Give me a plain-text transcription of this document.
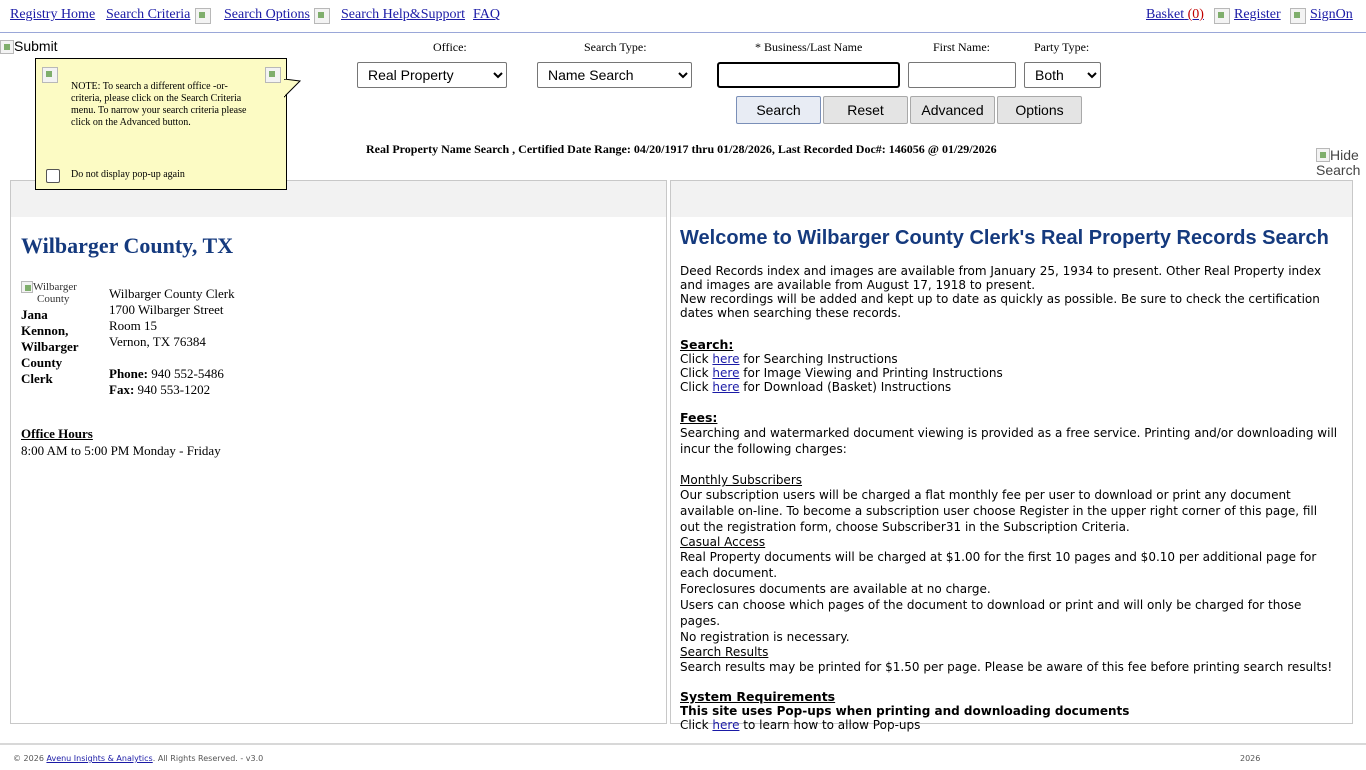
Registry Home Search Criteria Search Options Search Help&Support FAQ	Basket (0) Register SignOn
Submit	Office:
Real Property	Search Type:
Name Search	* Business/Last Name	First Name:	Party Type:
Both
Search	Reset	Advanced	Options
Real Property Name Search , Certified Date Range: 04/20/1917 thru 01/28/2026, Last Recorded Doc#: 146056 @ 01/29/2026	Hide
Search
Wilbarger County, TX
Wilbarger
County
Jana Kennon, Wilbarger County Clerk
Wilbarger County Clerk
1700 Wilbarger Street
Room 15
Vernon, TX 76384
Phone: 940 552-5486
Fax: 940 553-1202
Office Hours
8:00 AM to 5:00 PM Monday - Friday
Welcome to Wilbarger County Clerk's Real Property Records Search
Deed Records index and images are available from January 25, 1934 to present. Other Real Property index and images are available from August 17, 1918 to present.
New recordings will be added and kept up to date as quickly as possible. Be sure to check the certification dates when searching these records.
Search:
Click here for Searching Instructions
Click here for Image Viewing and Printing Instructions
Click here for Download (Basket) Instructions
Fees:
Searching and watermarked document viewing is provided as a free service. Printing and/or downloading will incur the following charges:
Monthly Subscribers
Our subscription users will be charged a flat monthly fee per user to download or print any document available on-line. To become a subscription user choose Register in the upper right corner of this page, fill out the registration form, choose Subscriber31 in the Subscription Criteria.
Casual Access
Real Property documents will be charged at $1.00 for the first 10 pages and $0.10 per additional page for each document.
Foreclosures documents are available at no charge.
Users can choose which pages of the document to download or print and will only be charged for those pages.
No registration is necessary.
Search Results
Search results may be printed for $1.50 per page. Please be aware of this fee before printing search results!
System Requirements
This site uses Pop-ups when printing and downloading documents
Click here to learn how to allow Pop-ups
NOTE: To search a different office -or- criteria, please click on the Search Criteria menu. To narrow your search criteria please click on the Advanced button.
Do not display pop-up again
© 2026 Avenu Insights & Analytics. All Rights Reserved. - v3.0	2026
